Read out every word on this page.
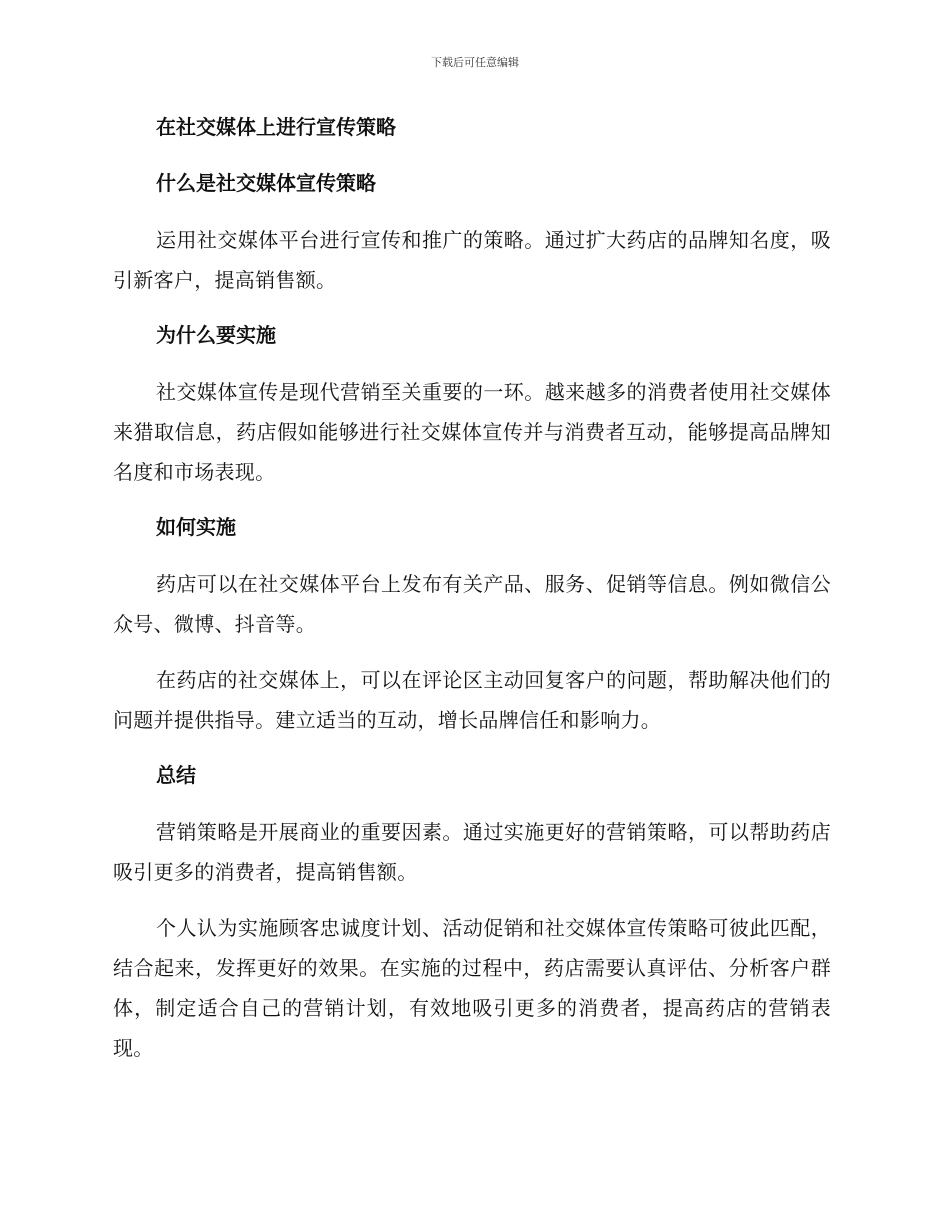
下载后可任意编辑
在社交媒体上进行宣传策略
什么是社交媒体宣传策略

运用社交媒体平台进行宣传和推广的策略。通过扩大药店的品牌知名度，吸引新客户，提高销售额。

为什么要实施

社交媒体宣传是现代营销至关重要的一环。越来越多的消费者使用社交媒体来猎取信息，药店假如能够进行社交媒体宣传并与消费者互动，能够提高品牌知名度和市场表现。

如何实施

药店可以在社交媒体平台上发布有关产品、服务、促销等信息。例如微信公众号、微博、抖音等。

在药店的社交媒体上，可以在评论区主动回复客户的问题，帮助解决他们的问题并提供指导。建立适当的互动，增长品牌信任和影响力。

总结

营销策略是开展商业的重要因素。通过实施更好的营销策略，可以帮助药店吸引更多的消费者，提高销售额。

个人认为实施顾客忠诚度计划、活动促销和社交媒体宣传策略可彼此匹配，结合起来，发挥更好的效果。在实施的过程中，药店需要认真评估、分析客户群体，制定适合自己的营销计划，有效地吸引更多的消费者，提高药店的营销表现。
